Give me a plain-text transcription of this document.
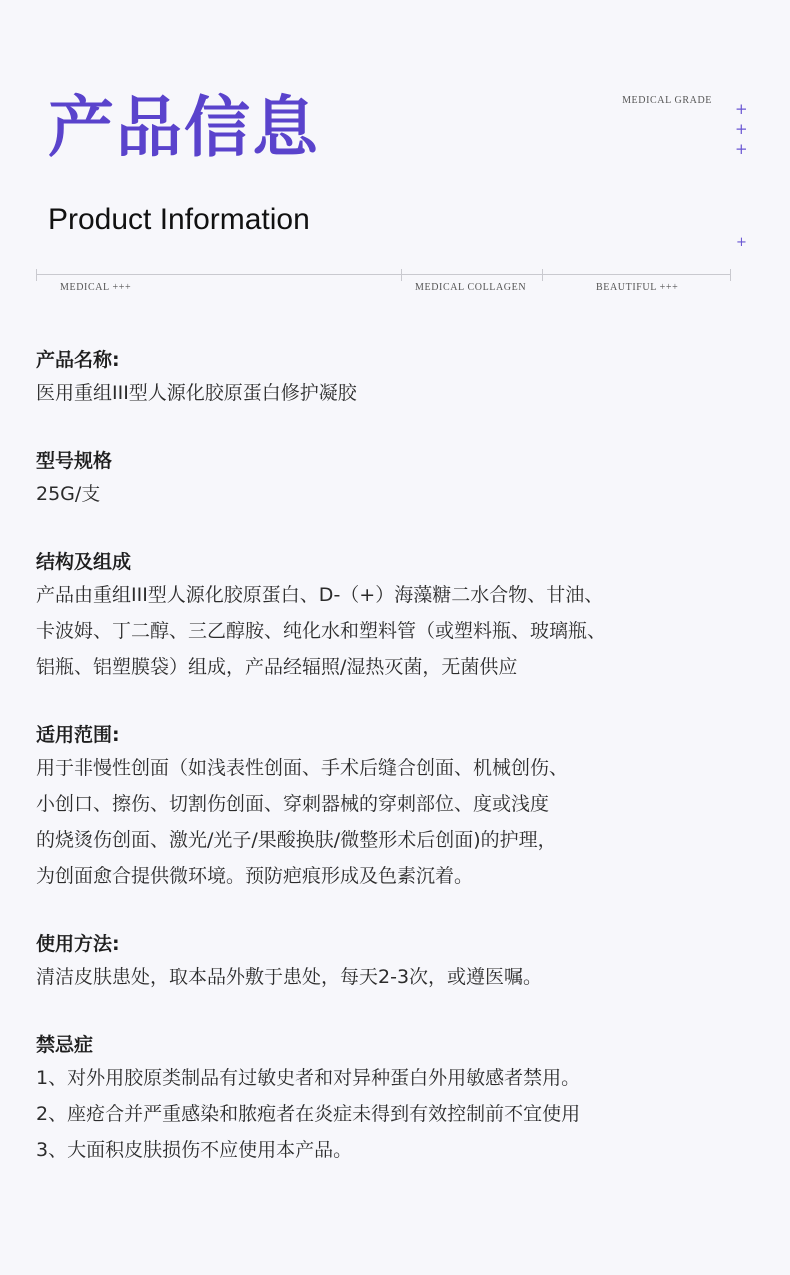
产品信息
Product Information
MEDICAL GRADE +
+
+
+
MEDICAL +++	MEDICAL COLLAGEN	BEAUTIFUL +++
产品名称:
医用重组III型人源化胶原蛋白修护凝胶
型号规格
25G/支
结构及组成
产品由重组III型人源化胶原蛋白、D-（+）海藻糖二水合物、甘油、
卡波姆、丁二醇、三乙醇胺、纯化水和塑料管（或塑料瓶、玻璃瓶、
铝瓶、铝塑膜袋）组成，产品经辐照/湿热灭菌，无菌供应
适用范围:
用于非慢性创面（如浅表性创面、手术后缝合创面、机械创伤、
小创口、擦伤、切割伤创面、穿刺器械的穿刺部位、度或浅度
的烧烫伤创面、激光/光子/果酸换肤/微整形术后创面)的护理，
为创面愈合提供微环境。预防疤痕形成及色素沉着。
使用方法:
清洁皮肤患处，取本品外敷于患处，每天2-3次，或遵医嘱。
禁忌症
1、对外用胶原类制品有过敏史者和对异种蛋白外用敏感者禁用。
2、座疮合并严重感染和脓疱者在炎症未得到有效控制前不宜使用
3、大面积皮肤损伤不应使用本产品。
